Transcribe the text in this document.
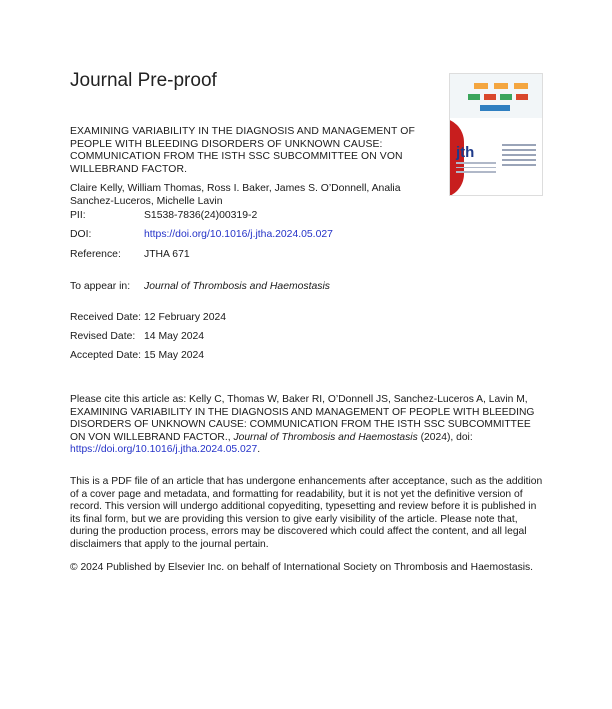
Journal Pre-proof
jth
EXAMINING VARIABILITY IN THE DIAGNOSIS AND MANAGEMENT OF PEOPLE WITH BLEEDING DISORDERS OF UNKNOWN CAUSE: COMMUNICATION FROM THE ISTH SSC SUBCOMMITTEE ON VON WILLEBRAND FACTOR.
Claire Kelly, William Thomas, Ross I. Baker, James S. O’Donnell, Analia Sanchez-Luceros, Michelle Lavin
PII:	S1538-7836(24)00319-2
DOI:	https://doi.org/10.1016/j.jtha.2024.05.027
Reference: JTHA 671
To appear in: Journal of Thrombosis and Haemostasis
Received Date: 12 February 2024
Revised Date: 14 May 2024
Accepted Date: 15 May 2024
Please cite this article as: Kelly C, Thomas W, Baker RI, O’Donnell JS, Sanchez-Luceros A, Lavin M, EXAMINING VARIABILITY IN THE DIAGNOSIS AND MANAGEMENT OF PEOPLE WITH BLEEDING DISORDERS OF UNKNOWN CAUSE: COMMUNICATION FROM THE ISTH SSC SUBCOMMITTEE ON VON WILLEBRAND FACTOR., Journal of Thrombosis and Haemostasis (2024), doi: https://doi.org/10.1016/j.jtha.2024.05.027.
This is a PDF file of an article that has undergone enhancements after acceptance, such as the addition of a cover page and metadata, and formatting for readability, but it is not yet the definitive version of record. This version will undergo additional copyediting, typesetting and review before it is published in its final form, but we are providing this version to give early visibility of the article. Please note that, during the production process, errors may be discovered which could affect the content, and all legal disclaimers that apply to the journal pertain.
© 2024 Published by Elsevier Inc. on behalf of International Society on Thrombosis and Haemostasis.
